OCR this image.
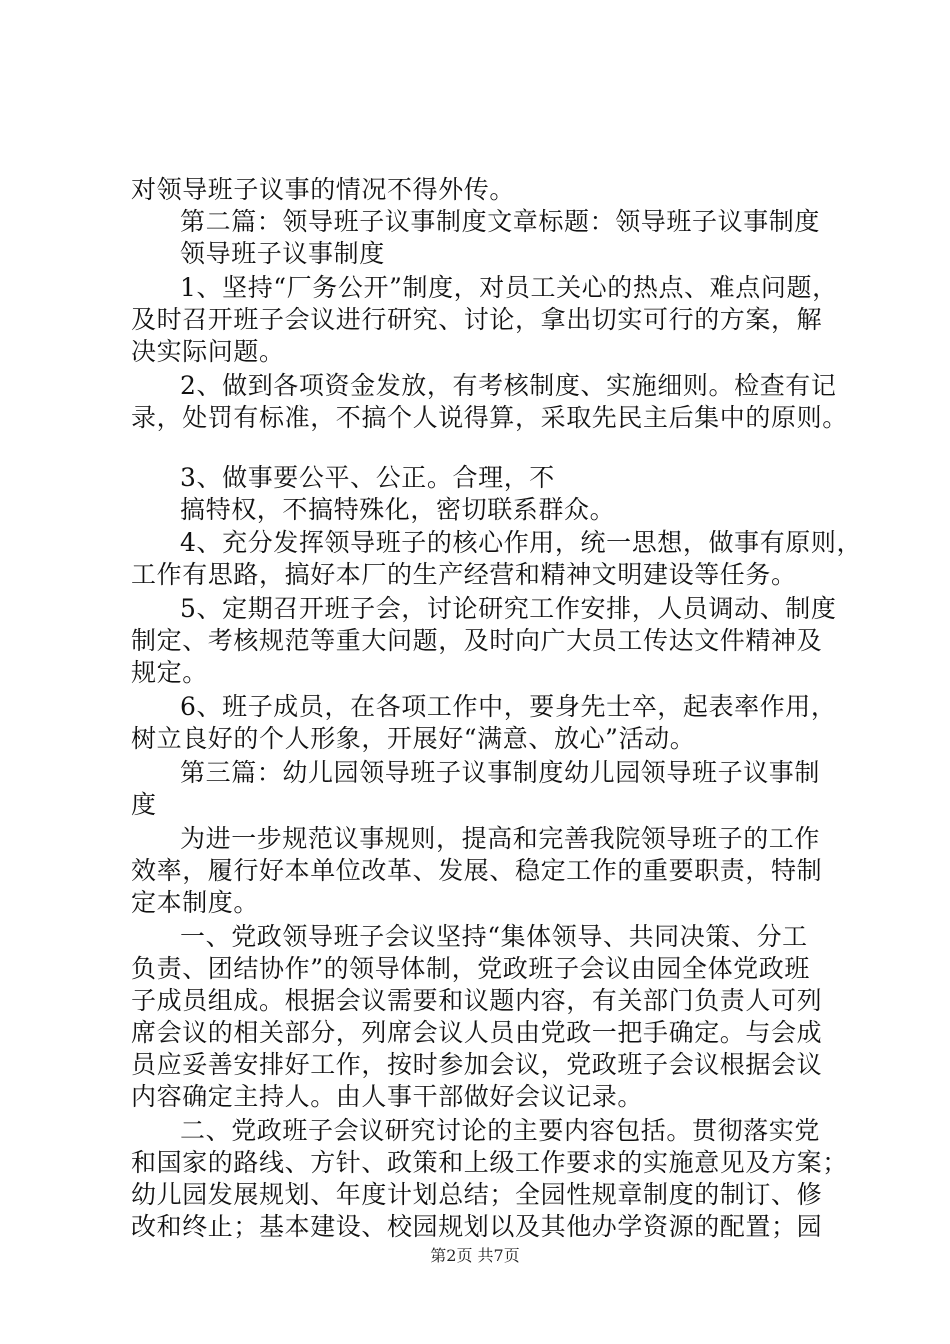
对领导班子议事的情况不得外传。
第二篇：领导班子议事制度文章标题：领导班子议事制度
领导班子议事制度
1、坚持“厂务公开”制度，对员工关心的热点、难点问题，
及时召开班子会议进行研究、讨论，拿出切实可行的方案，解
决实际问题。
2、做到各项资金发放，有考核制度、实施细则。检查有记
录，处罚有标准，不搞个人说得算，采取先民主后集中的原则。
3、做事要公平、公正。合理，不
搞特权，不搞特殊化，密切联系群众。
4、充分发挥领导班子的核心作用，统一思想，做事有原则，
工作有思路，搞好本厂的生产经营和精神文明建设等任务。
5、定期召开班子会，讨论研究工作安排，人员调动、制度
制定、考核规范等重大问题，及时向广大员工传达文件精神及
规定。
6、班子成员，在各项工作中，要身先士卒，起表率作用，
树立良好的个人形象，开展好“满意、放心”活动。
第三篇：幼儿园领导班子议事制度幼儿园领导班子议事制
度
为进一步规范议事规则，提高和完善我院领导班子的工作
效率，履行好本单位改革、发展、稳定工作的重要职责，特制
定本制度。
一、党政领导班子会议坚持“集体领导、共同决策、分工
负责、团结协作”的领导体制，党政班子会议由园全体党政班
子成员组成。根据会议需要和议题内容，有关部门负责人可列
席会议的相关部分，列席会议人员由党政一把手确定。与会成
员应妥善安排好工作，按时参加会议，党政班子会议根据会议
内容确定主持人。由人事干部做好会议记录。
二、党政班子会议研究讨论的主要内容包括。贯彻落实党
和国家的路线、方针、政策和上级工作要求的实施意见及方案；
幼儿园发展规划、年度计划总结；全园性规章制度的制订、修
改和终止；基本建设、校园规划以及其他办学资源的配置；园
第2页 共7页
